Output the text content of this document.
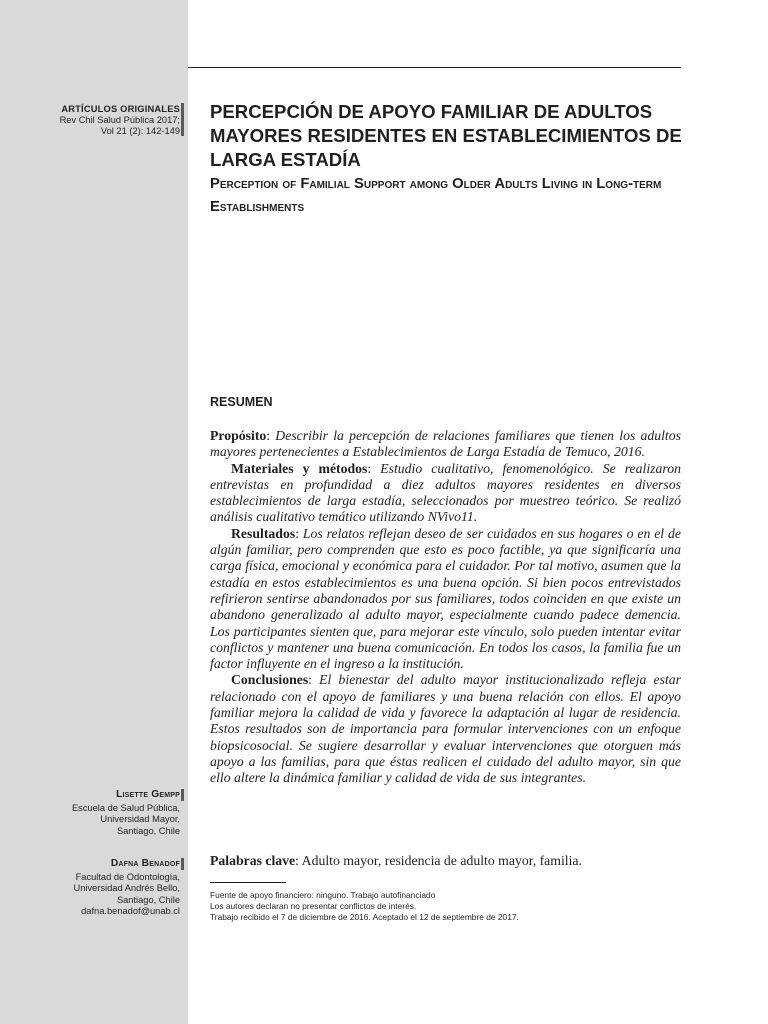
ARTÍCULOS ORIGINALES
Rev Chil Salud Pública 2017;
Vol 21 (2): 142-149
PERCEPCIÓN DE APOYO FAMILIAR DE ADULTOS MAYORES RESIDENTES EN ESTABLECIMIENTOS DE LARGA ESTADÍA
Perception of Familial Support among Older Adults Living in Long-term Establishments
RESUMEN

Propósito: Describir la percepción de relaciones familiares que tienen los adultos mayores pertenecientes a Establecimientos de Larga Estadía de Temuco, 2016.

Materiales y métodos: Estudio cualitativo, fenomenológico. Se realizaron entrevistas en profundidad a diez adultos mayores residentes en diversos establecimientos de larga estadía, seleccionados por muestreo teórico. Se realizó análisis cualitativo temático utilizando NVivo11.

Resultados: Los relatos reflejan deseo de ser cuidados en sus hogares o en el de algún familiar, pero comprenden que esto es poco factible, ya que significaría una carga física, emocional y económica para el cuidador. Por tal motivo, asumen que la estadía en estos establecimientos es una buena opción. Si bien pocos entrevistados refirieron sentirse abandonados por sus familiares, todos coinciden en que existe un abandono generalizado al adulto mayor, especialmente cuando padece demencia. Los participantes sienten que, para mejorar este vínculo, solo pueden intentar evitar conflictos y mantener una buena comunicación. En todos los casos, la familia fue un factor influyente en el ingreso a la institución.

Conclusiones: El bienestar del adulto mayor institucionalizado refleja estar relacionado con el apoyo de familiares y una buena relación con ellos. El apoyo familiar mejora la calidad de vida y favorece la adaptación al lugar de residencia. Estos resultados son de importancia para formular intervenciones con un enfoque biopsicosocial. Se sugiere desarrollar y evaluar intervenciones que otorguen más apoyo a las familias, para que éstas realicen el cuidado del adulto mayor, sin que ello altere la dinámica familiar y calidad de vida de sus integrantes.

Palabras clave: Adulto mayor, residencia de adulto mayor, familia.

Fuente de apoyo financiero: ninguno. Trabajo autofinanciado
Los autores declaran no presentar conflictos de interés.
Trabajo recibido el 7 de diciembre de 2016. Aceptado el 12 de septiembre de 2017.
Lisette Gempp
Escuela de Salud Pública,
Universidad Mayor,
Santiago, Chile
Dafna Benadof
Facultad de Odontología,
Universidad Andrés Bello,
Santiago, Chile
dafna.benadof@unab.cl
